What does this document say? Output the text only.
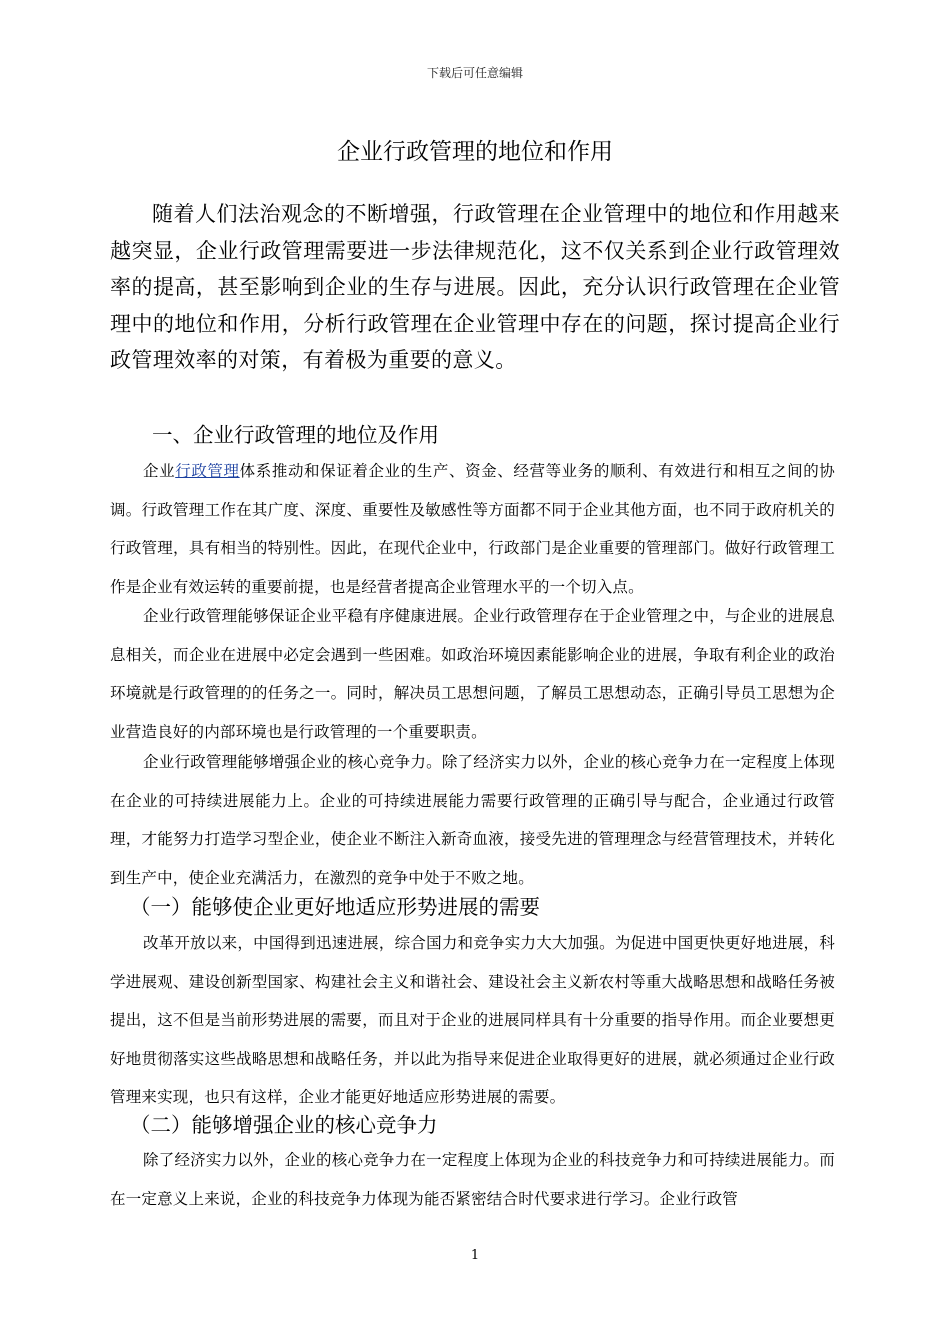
下载后可任意编辑
企业行政管理的地位和作用

随着人们法治观念的不断增强，行政管理在企业管理中的地位和作用越来越突显，企业行政管理需要进一步法律规范化，这不仅关系到企业行政管理效率的提高，甚至影响到企业的生存与进展。因此，充分认识行政管理在企业管理中的地位和作用，分析行政管理在企业管理中存在的问题，探讨提高企业行政管理效率的对策，有着极为重要的意义。

一、企业行政管理的地位及作用

企业行政管理体系推动和保证着企业的生产、资金、经营等业务的顺利、有效进行和相互之间的协调。行政管理工作在其广度、深度、重要性及敏感性等方面都不同于企业其他方面，也不同于政府机关的行政管理，具有相当的特别性。因此，在现代企业中，行政部门是企业重要的管理部门。做好行政管理工作是企业有效运转的重要前提，也是经营者提高企业管理水平的一个切入点。

企业行政管理能够保证企业平稳有序健康进展。企业行政管理存在于企业管理之中，与企业的进展息息相关，而企业在进展中必定会遇到一些困难。如政治环境因素能影响企业的进展，争取有利企业的政治环境就是行政管理的的任务之一。同时，解决员工思想问题，了解员工思想动态，正确引导员工思想为企业营造良好的内部环境也是行政管理的一个重要职责。

企业行政管理能够增强企业的核心竞争力。除了经济实力以外，企业的核心竞争力在一定程度上体现在企业的可持续进展能力上。企业的可持续进展能力需要行政管理的正确引导与配合，企业通过行政管理，才能努力打造学习型企业，使企业不断注入新奇血液，接受先进的管理理念与经营管理技术，并转化到生产中，使企业充满活力，在激烈的竞争中处于不败之地。

（一）能够使企业更好地适应形势进展的需要

改革开放以来，中国得到迅速进展，综合国力和竞争实力大大加强。为促进中国更快更好地进展，科学进展观、建设创新型国家、构建社会主义和谐社会、建设社会主义新农村等重大战略思想和战略任务被提出，这不但是当前形势进展的需要，而且对于企业的进展同样具有十分重要的指导作用。而企业要想更好地贯彻落实这些战略思想和战略任务，并以此为指导来促进企业取得更好的进展，就必须通过企业行政管理来实现，也只有这样，企业才能更好地适应形势进展的需要。

（二）能够增强企业的核心竞争力

除了经济实力以外，企业的核心竞争力在一定程度上体现为企业的科技竞争力和可持续进展能力。而在一定意义上来说，企业的科技竞争力体现为能否紧密结合时代要求进行学习。企业行政管

1
